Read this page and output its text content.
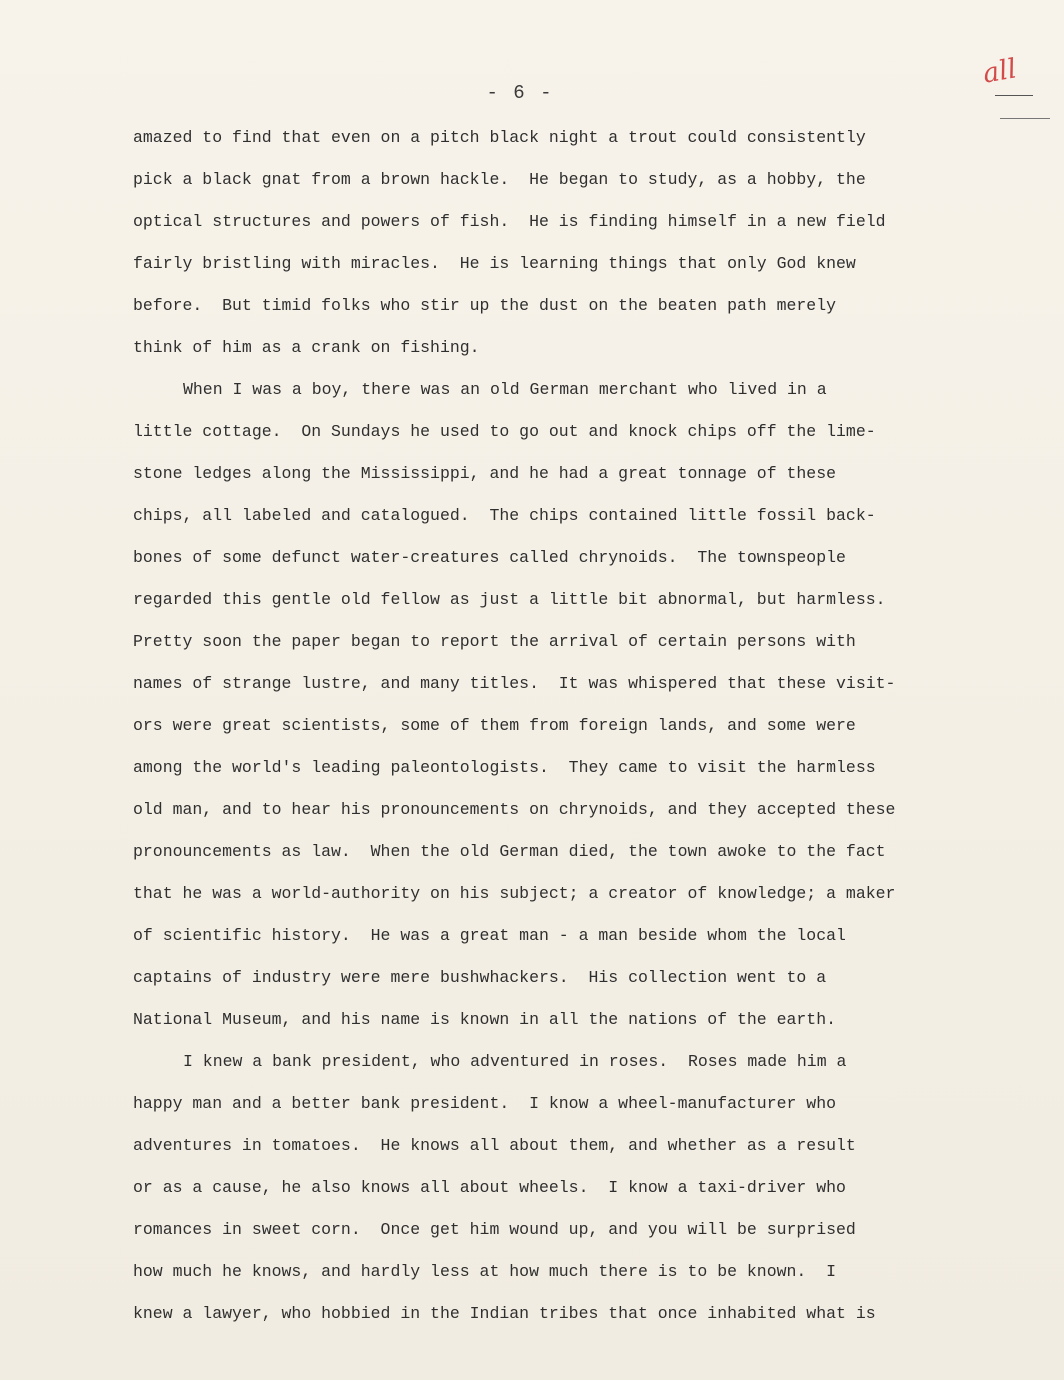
- 6 -
all
amazed to find that even on a pitch black night a trout could consistently
pick a black gnat from a brown hackle.  He began to study, as a hobby, the
optical structures and powers of fish.  He is finding himself in a new field
fairly bristling with miracles.  He is learning things that only God knew
before.  But timid folks who stir up the dust on the beaten path merely
think of him as a crank on fishing.
When I was a boy, there was an old German merchant who lived in a
little cottage.  On Sundays he used to go out and knock chips off the lime-
stone ledges along the Mississippi, and he had a great tonnage of these
chips, all labeled and catalogued.  The chips contained little fossil back-
bones of some defunct water-creatures called chrynoids.  The townspeople
regarded this gentle old fellow as just a little bit abnormal, but harmless.
Pretty soon the paper began to report the arrival of certain persons with
names of strange lustre, and many titles.  It was whispered that these visit-
ors were great scientists, some of them from foreign lands, and some were
among the world's leading paleontologists.  They came to visit the harmless
old man, and to hear his pronouncements on chrynoids, and they accepted these
pronouncements as law.  When the old German died, the town awoke to the fact
that he was a world-authority on his subject; a creator of knowledge; a maker
of scientific history.  He was a great man - a man beside whom the local
captains of industry were mere bushwhackers.  His collection went to a
National Museum, and his name is known in all the nations of the earth.
I knew a bank president, who adventured in roses.  Roses made him a
happy man and a better bank president.  I know a wheel-manufacturer who
adventures in tomatoes.  He knows all about them, and whether as a result
or as a cause, he also knows all about wheels.  I know a taxi-driver who
romances in sweet corn.  Once get him wound up, and you will be surprised
how much he knows, and hardly less at how much there is to be known.  I
knew a lawyer, who hobbied in the Indian tribes that once inhabited what is
